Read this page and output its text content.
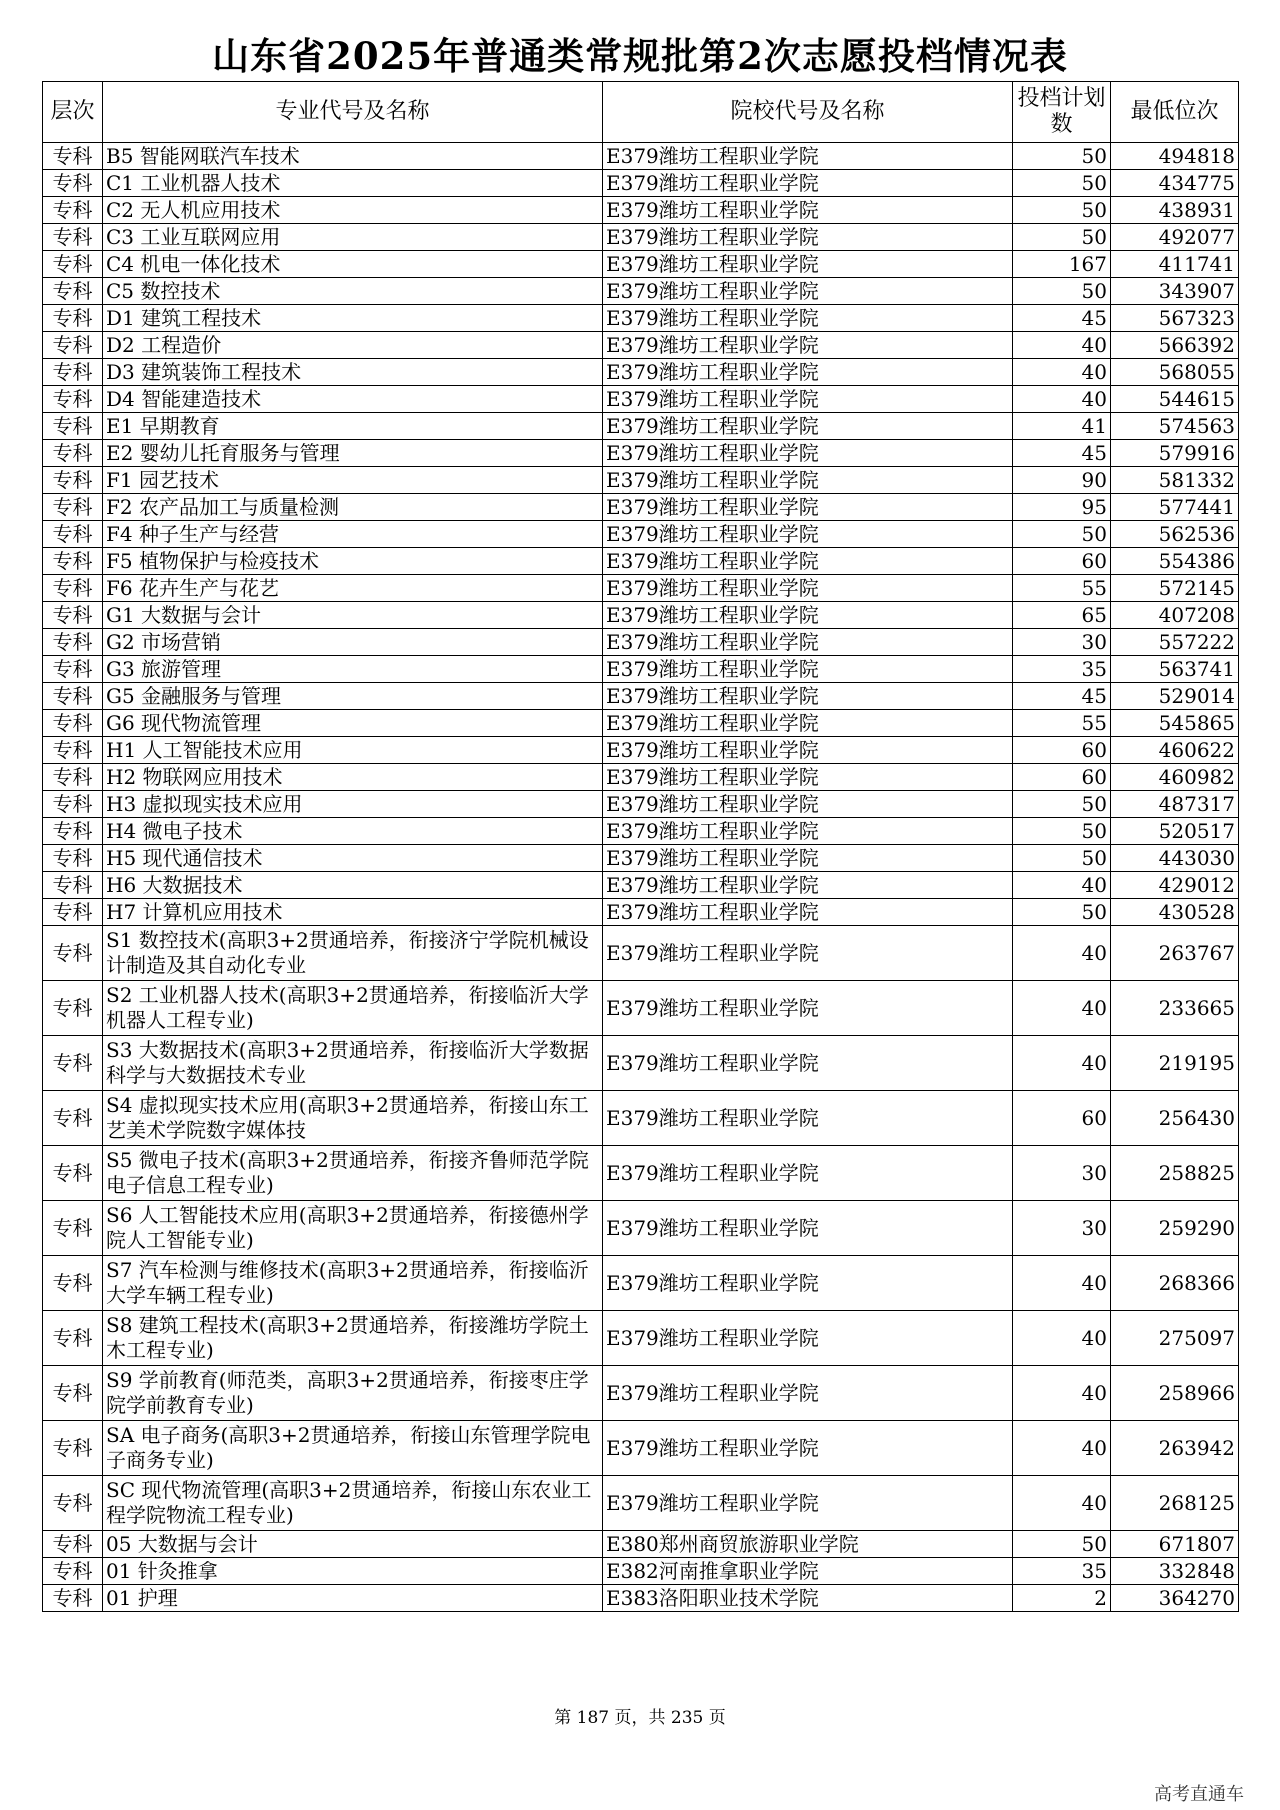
山东省2025年普通类常规批第2次志愿投档情况表
层次	专业代号及名称	院校代号及名称	投档计划数	最低位次
专科	B5 智能网联汽车技术	E379潍坊工程职业学院	50	494818
专科	C1 工业机器人技术	E379潍坊工程职业学院	50	434775
专科	C2 无人机应用技术	E379潍坊工程职业学院	50	438931
专科	C3 工业互联网应用	E379潍坊工程职业学院	50	492077
专科	C4 机电一体化技术	E379潍坊工程职业学院	167	411741
专科	C5 数控技术	E379潍坊工程职业学院	50	343907
专科	D1 建筑工程技术	E379潍坊工程职业学院	45	567323
专科	D2 工程造价	E379潍坊工程职业学院	40	566392
专科	D3 建筑装饰工程技术	E379潍坊工程职业学院	40	568055
专科	D4 智能建造技术	E379潍坊工程职业学院	40	544615
专科	E1 早期教育	E379潍坊工程职业学院	41	574563
专科	E2 婴幼儿托育服务与管理	E379潍坊工程职业学院	45	579916
专科	F1 园艺技术	E379潍坊工程职业学院	90	581332
专科	F2 农产品加工与质量检测	E379潍坊工程职业学院	95	577441
专科	F4 种子生产与经营	E379潍坊工程职业学院	50	562536
专科	F5 植物保护与检疫技术	E379潍坊工程职业学院	60	554386
专科	F6 花卉生产与花艺	E379潍坊工程职业学院	55	572145
专科	G1 大数据与会计	E379潍坊工程职业学院	65	407208
专科	G2 市场营销	E379潍坊工程职业学院	30	557222
专科	G3 旅游管理	E379潍坊工程职业学院	35	563741
专科	G5 金融服务与管理	E379潍坊工程职业学院	45	529014
专科	G6 现代物流管理	E379潍坊工程职业学院	55	545865
专科	H1 人工智能技术应用	E379潍坊工程职业学院	60	460622
专科	H2 物联网应用技术	E379潍坊工程职业学院	60	460982
专科	H3 虚拟现实技术应用	E379潍坊工程职业学院	50	487317
专科	H4 微电子技术	E379潍坊工程职业学院	50	520517
专科	H5 现代通信技术	E379潍坊工程职业学院	50	443030
专科	H6 大数据技术	E379潍坊工程职业学院	40	429012
专科	H7 计算机应用技术	E379潍坊工程职业学院	50	430528
专科	S1 数控技术(高职3+2贯通培养，衔接济宁学院机械设计制造及其自动化专业	E379潍坊工程职业学院	40	263767
专科	S2 工业机器人技术(高职3+2贯通培养，衔接临沂大学机器人工程专业)	E379潍坊工程职业学院	40	233665
专科	S3 大数据技术(高职3+2贯通培养，衔接临沂大学数据科学与大数据技术专业	E379潍坊工程职业学院	40	219195
专科	S4 虚拟现实技术应用(高职3+2贯通培养，衔接山东工艺美术学院数字媒体技	E379潍坊工程职业学院	60	256430
专科	S5 微电子技术(高职3+2贯通培养，衔接齐鲁师范学院电子信息工程专业)	E379潍坊工程职业学院	30	258825
专科	S6 人工智能技术应用(高职3+2贯通培养，衔接德州学院人工智能专业)	E379潍坊工程职业学院	30	259290
专科	S7 汽车检测与维修技术(高职3+2贯通培养，衔接临沂大学车辆工程专业)	E379潍坊工程职业学院	40	268366
专科	S8 建筑工程技术(高职3+2贯通培养，衔接潍坊学院土木工程专业)	E379潍坊工程职业学院	40	275097
专科	S9 学前教育(师范类，高职3+2贯通培养，衔接枣庄学院学前教育专业)	E379潍坊工程职业学院	40	258966
专科	SA 电子商务(高职3+2贯通培养，衔接山东管理学院电子商务专业)	E379潍坊工程职业学院	40	263942
专科	SC 现代物流管理(高职3+2贯通培养，衔接山东农业工程学院物流工程专业)	E379潍坊工程职业学院	40	268125
专科	05 大数据与会计	E380郑州商贸旅游职业学院	50	671807
专科	01 针灸推拿	E382河南推拿职业学院	35	332848
专科	01 护理	E383洛阳职业技术学院	2	364270
第 187 页，共 235 页
高考直通车
